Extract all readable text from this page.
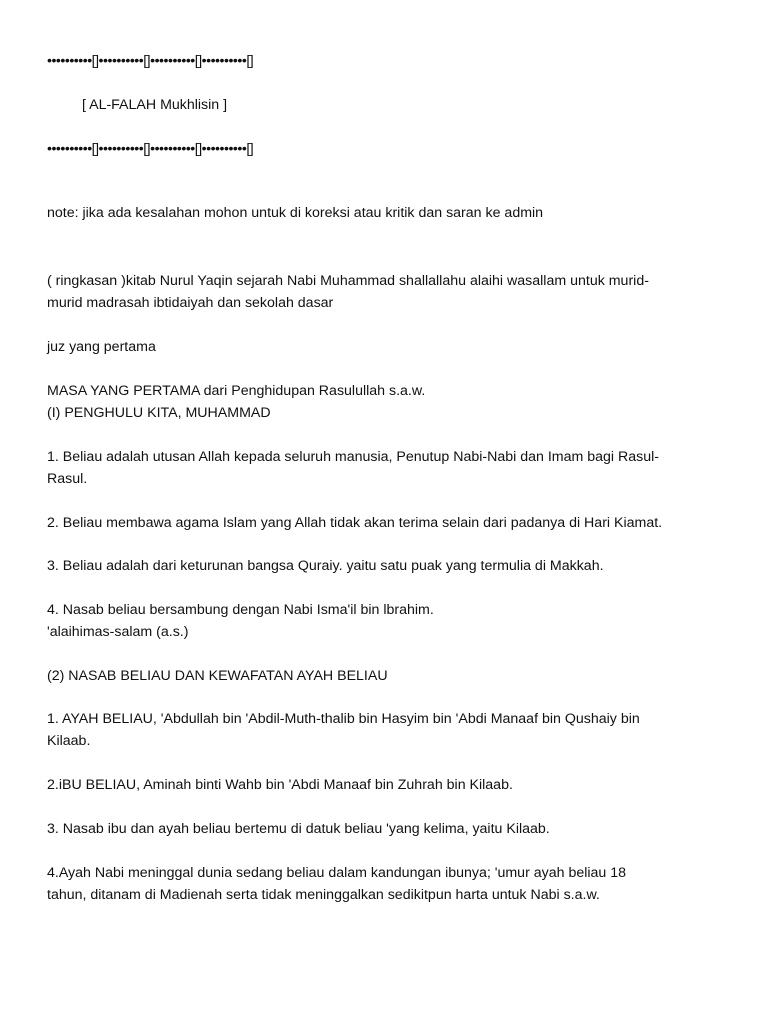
••••••••••[]••••••••••[]••••••••••[]••••••••••[]
[ AL-FALAH Mukhlisin ]
••••••••••[]••••••••••[]••••••••••[]••••••••••[]
note: jika ada kesalahan mohon untuk di koreksi atau kritik dan saran ke admin
( ringkasan )kitab Nurul Yaqin sejarah Nabi Muhammad shallallahu alaihi wasallam untuk murid-
murid madrasah ibtidaiyah dan sekolah dasar
juz yang pertama
MASA YANG PERTAMA dari Penghidupan Rasulullah s.a.w.
(I) PENGHULU KITA, MUHAMMAD
1. Beliau adalah utusan Allah kepada seluruh manusia, Penutup Nabi-Nabi dan Imam bagi Rasul-
Rasul.
2. Beliau membawa agama Islam yang Allah tidak akan terima selain dari padanya di Hari Kiamat.
3. Beliau adalah dari keturunan bangsa Quraiy. yaitu satu puak yang termulia di Makkah.
4. Nasab beliau bersambung dengan Nabi Isma'il bin lbrahim.
'alaihimas-salam (a.s.)
(2) NASAB BELIAU DAN KEWAFATAN AYAH BELIAU
1. AYAH BELIAU, 'Abdullah bin 'Abdil-Muth-thalib bin Hasyim bin 'Abdi Manaaf bin Qushaiy bin
Kilaab.
2.iBU BELIAU, Aminah binti Wahb bin 'Abdi Manaaf bin Zuhrah bin Kilaab.
3. Nasab ibu dan ayah beliau bertemu di datuk beliau 'yang kelima, yaitu Kilaab.
4.Ayah Nabi meninggal dunia sedang beliau dalam kandungan ibunya; 'umur ayah beliau 18
tahun, ditanam di Madienah serta tidak meninggalkan sedikitpun harta untuk Nabi s.a.w.
